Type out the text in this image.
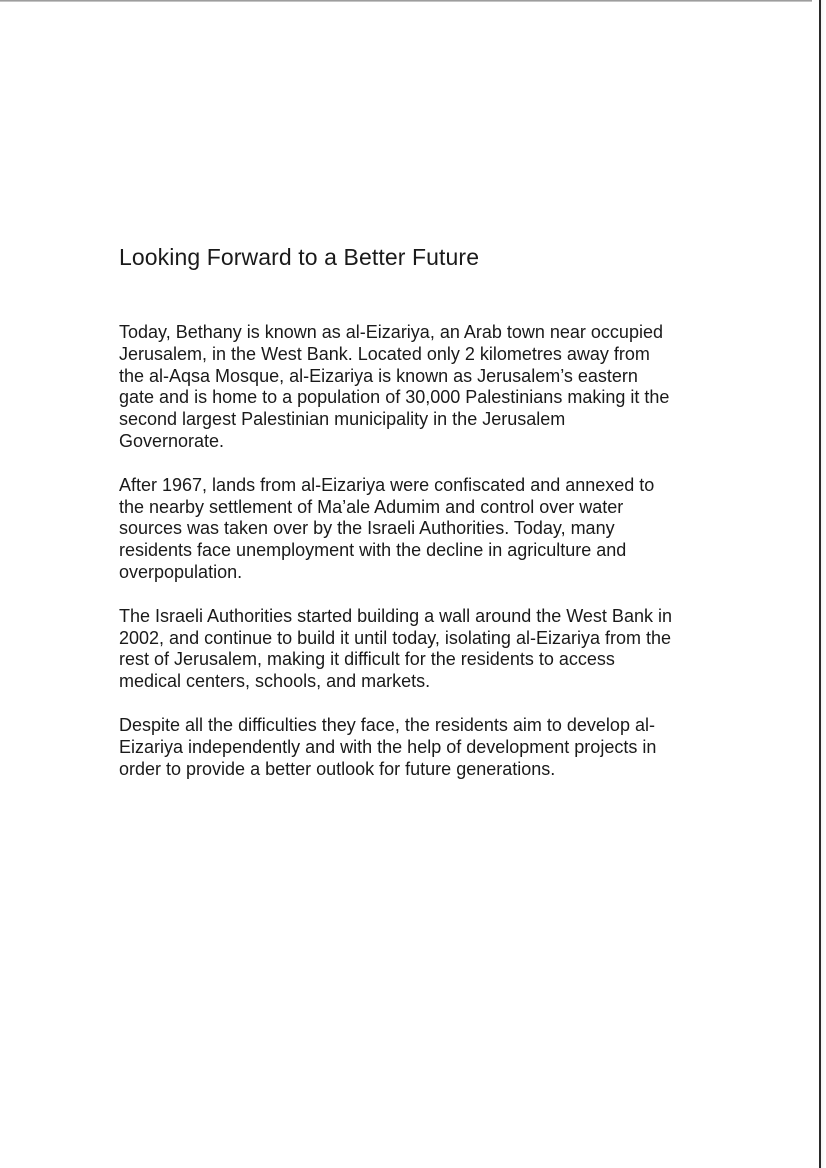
Looking Forward to a Better Future

Today, Bethany is known as al-Eizariya, an Arab town near occupied
Jerusalem, in the West Bank. Located only 2 kilometres away from
the al-Aqsa Mosque, al-Eizariya is known as Jerusalem’s eastern
gate and is home to a population of 30,000 Palestinians making it the
second largest Palestinian municipality in the Jerusalem
Governorate.

After 1967, lands from al-Eizariya were confiscated and annexed to
the nearby settlement of Ma’ale Adumim and control over water
sources was taken over by the Israeli Authorities. Today, many
residents face unemployment with the decline in agriculture and
overpopulation.

The Israeli Authorities started building a wall around the West Bank in
2002, and continue to build it until today, isolating al-Eizariya from the
rest of Jerusalem, making it difficult for the residents to access
medical centers, schools, and markets.

Despite all the difficulties they face, the residents aim to develop al-
Eizariya independently and with the help of development projects in
order to provide a better outlook for future generations.
